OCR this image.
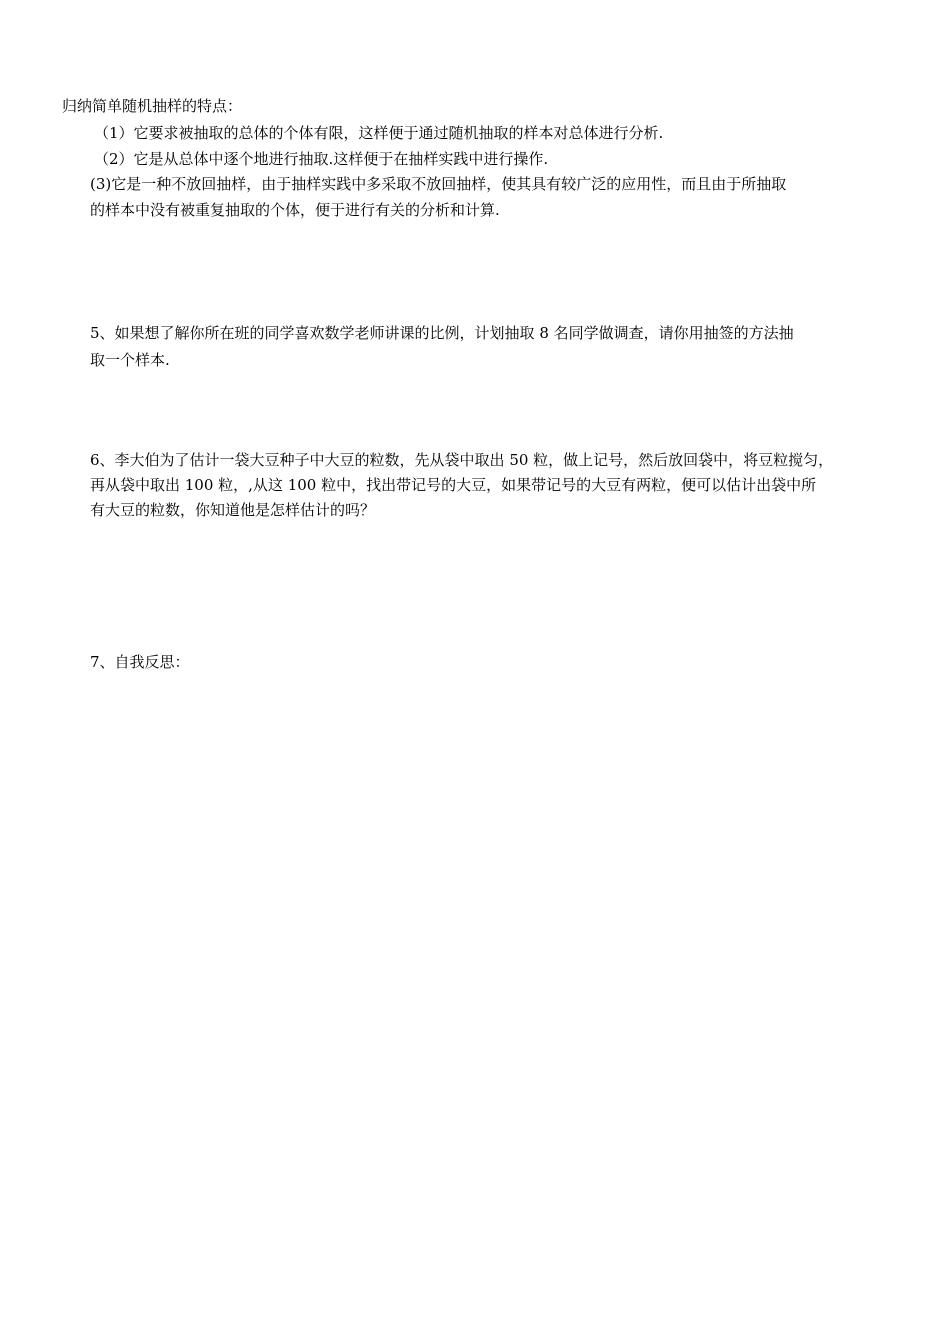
归纳简单随机抽样的特点：
（1）它要求被抽取的总体的个体有限，这样便于通过随机抽取的样本对总体进行分析.
（2）它是从总体中逐个地进行抽取.这样便于在抽样实践中进行操作.
(3)它是一种不放回抽样，由于抽样实践中多采取不放回抽样，使其具有较广泛的应用性，而且由于所抽取
的样本中没有被重复抽取的个体，便于进行有关的分析和计算.
5、如果想了解你所在班的同学喜欢数学老师讲课的比例，计划抽取 8 名同学做调查，请你用抽签的方法抽
取一个样本.
6、李大伯为了估计一袋大豆种子中大豆的粒数，先从袋中取出 50 粒，做上记号，然后放回袋中，将豆粒搅匀，
再从袋中取出 100 粒，,从这 100 粒中，找出带记号的大豆，如果带记号的大豆有两粒，便可以估计出袋中所
有大豆的粒数，你知道他是怎样估计的吗？
7、自我反思：
